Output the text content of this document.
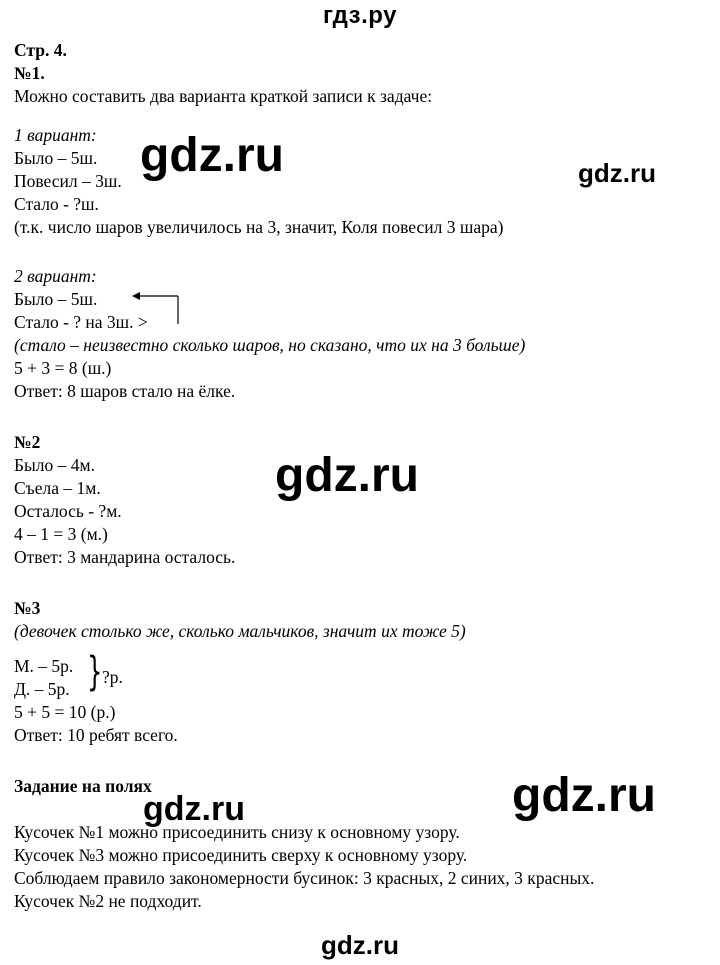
гдз.ру
Стр. 4.
№1.
Можно составить два варианта краткой записи к задаче:
1 вариант:
Было – 5ш.
Повесил – 3ш.
Стало - ?ш.
(т.к. число шаров увеличилось на 3, значит, Коля повесил 3 шара)
2 вариант:
Было – 5ш.
Стало - ? на 3ш. >
(стало – неизвестно сколько шаров, но сказано, что их на 3 больше)
5 + 3 = 8 (ш.)
Ответ: 8 шаров стало на ёлке.
№2
Было – 4м.
Съела – 1м.
Осталось - ?м.
4 – 1 = 3 (м.)
Ответ: 3 мандарина осталось.
№3
(девочек столько же, сколько мальчиков, значит их тоже 5)
М. – 5р.
Д. – 5р. } ?р.
5 + 5 = 10 (р.)
Ответ: 10 ребят всего.
Задание на полях
Кусочек №1 можно присоединить снизу к основному узору.
Кусочек №3 можно присоединить сверху к основному узору.
Соблюдаем правило закономерности бусинок: 3 красных, 2 синих, 3 красных.
Кусочек №2 не подходит.
gdz.ru	gdz.ru
gdz.ru
gdz.ru	gdz.ru
gdz.ru
